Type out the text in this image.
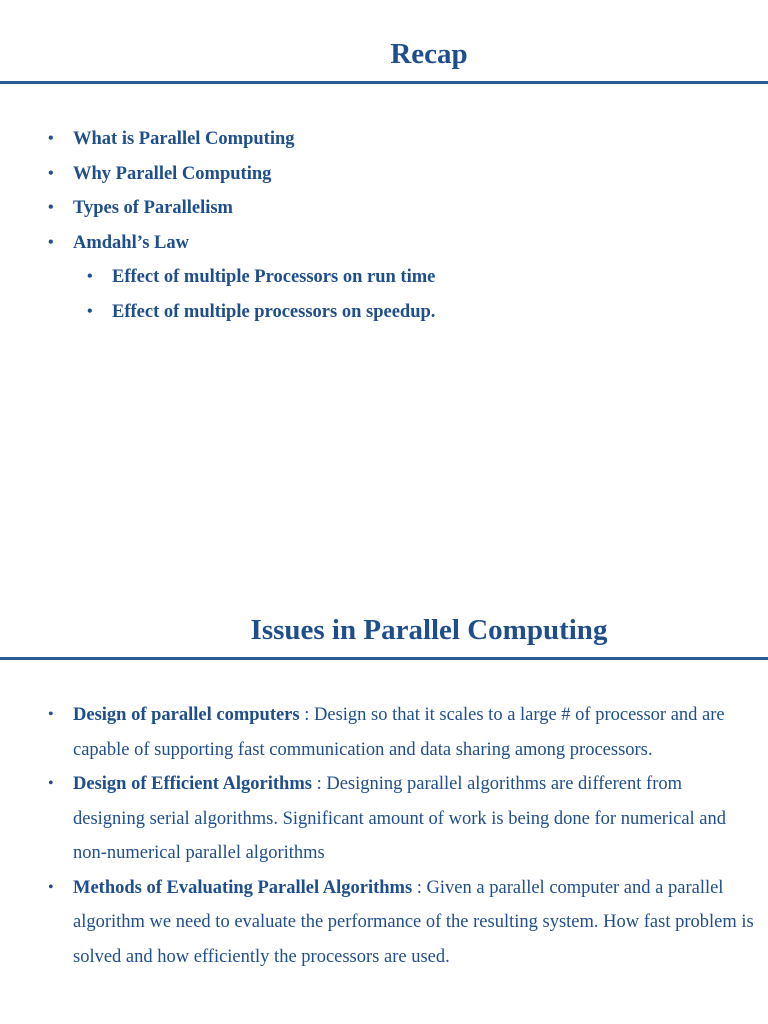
Recap
• What is Parallel Computing
• Why Parallel Computing
• Types of Parallelism
• Amdahl’s Law
• Effect of multiple Processors on run time
• Effect of multiple processors on speedup.
Issues in Parallel Computing
• Design of parallel computers : Design so that it scales to a large # of processor and are capable of supporting fast communication and data sharing among processors.
• Design of Efficient Algorithms : Designing parallel algorithms are different from designing serial algorithms. Significant amount of work is being done for numerical and non-numerical parallel algorithms
• Methods of Evaluating Parallel Algorithms : Given a parallel computer and a parallel algorithm we need to evaluate the performance of the resulting system. How fast problem is solved and how efficiently the processors are used.
